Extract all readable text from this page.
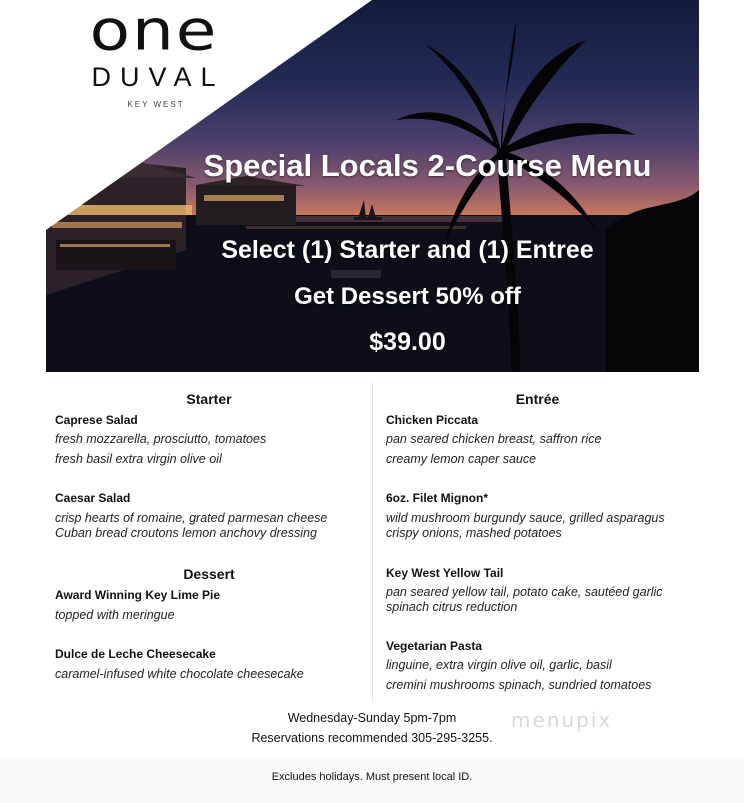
Special Locals 2-Course Menu
Select (1) Starter and (1) Entree
Get Dessert 50% off
$39.00
one
DUVAL
KEY WEST
Starter
Caprese Salad
fresh mozzarella, prosciutto, tomatoes
fresh basil extra virgin olive oil
Caesar Salad
crisp hearts of romaine, grated parmesan cheese
Cuban bread croutons lemon anchovy dressing
Dessert
Award Winning Key Lime Pie
topped with meringue
Dulce de Leche Cheesecake
caramel-infused white chocolate cheesecake
Entrée
Chicken Piccata
pan seared chicken breast, saffron rice
creamy lemon caper sauce
6oz. Filet Mignon*
wild mushroom burgundy sauce, grilled asparagus
crispy onions, mashed potatoes
Key West Yellow Tail
pan seared yellow tail, potato cake, sautéed garlic
spinach citrus reduction
Vegetarian Pasta
linguine, extra virgin olive oil, garlic, basil
cremini mushrooms spinach, sundried tomatoes
Wednesday-Sunday 5pm-7pm
Reservations recommended 305-295-3255.
Excludes holidays. Must present local ID.
menupix
